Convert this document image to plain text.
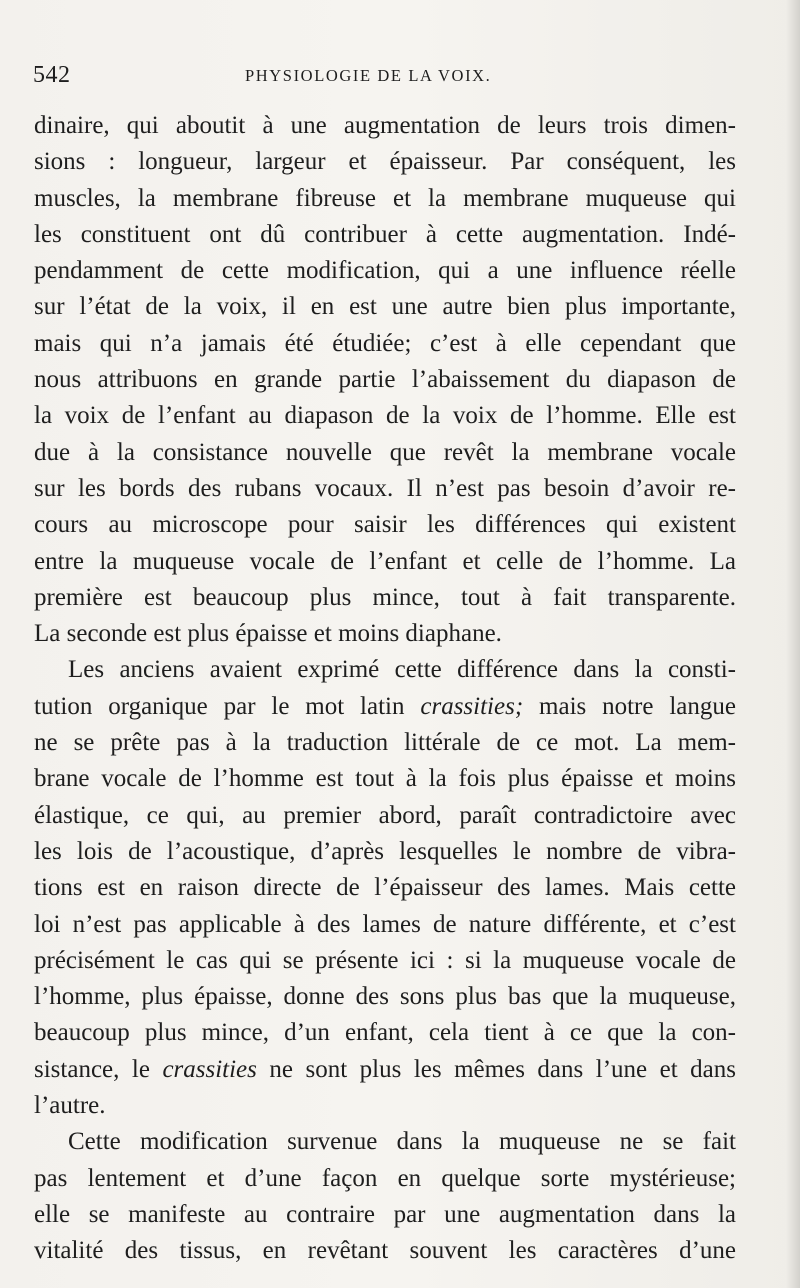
542	PHYSIOLOGIE DE LA VOIX.
dinaire, qui aboutit à une augmentation de leurs trois dimen-
sions : longueur, largeur et épaisseur. Par conséquent, les
muscles, la membrane fibreuse et la membrane muqueuse qui
les constituent ont dû contribuer à cette augmentation. Indé-
pendamment de cette modification, qui a une influence réelle
sur l’état de la voix, il en est une autre bien plus importante,
mais qui n’a jamais été étudiée; c’est à elle cependant que
nous attribuons en grande partie l’abaissement du diapason de
la voix de l’enfant au diapason de la voix de l’homme. Elle est
due à la consistance nouvelle que revêt la membrane vocale
sur les bords des rubans vocaux. Il n’est pas besoin d’avoir re-
cours au microscope pour saisir les différences qui existent
entre la muqueuse vocale de l’enfant et celle de l’homme. La
première est beaucoup plus mince, tout à fait transparente.
La seconde est plus épaisse et moins diaphane.
Les anciens avaient exprimé cette différence dans la consti-
tution organique par le mot latin crassities; mais notre langue
ne se prête pas à la traduction littérale de ce mot. La mem-
brane vocale de l’homme est tout à la fois plus épaisse et moins
élastique, ce qui, au premier abord, paraît contradictoire avec
les lois de l’acoustique, d’après lesquelles le nombre de vibra-
tions est en raison directe de l’épaisseur des lames. Mais cette
loi n’est pas applicable à des lames de nature différente, et c’est
précisément le cas qui se présente ici : si la muqueuse vocale de
l’homme, plus épaisse, donne des sons plus bas que la muqueuse,
beaucoup plus mince, d’un enfant, cela tient à ce que la con-
sistance, le crassities ne sont plus les mêmes dans l’une et dans
l’autre.
Cette modification survenue dans la muqueuse ne se fait
pas lentement et d’une façon en quelque sorte mystérieuse;
elle se manifeste au contraire par une augmentation dans la
vitalité des tissus, en revêtant souvent les caractères d’une
